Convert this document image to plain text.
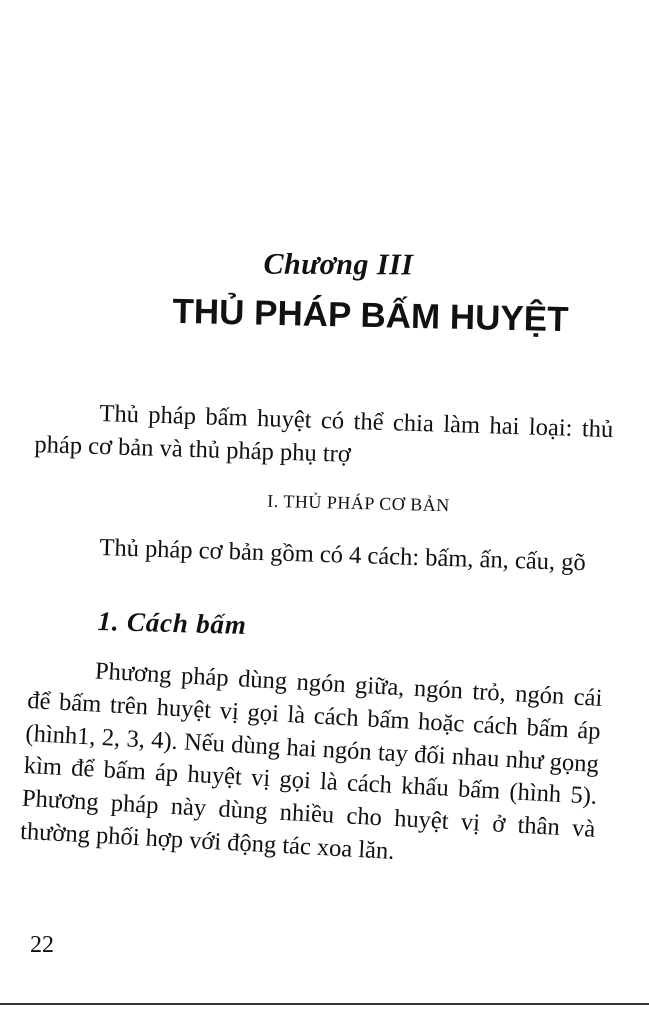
Chương III
THỦ PHÁP BẤM HUYỆT
Thủ pháp bấm huyệt có thể chia làm hai loại: thủ pháp cơ bản và thủ pháp phụ trợ
I. THỦ PHÁP CƠ BẢN
Thủ pháp cơ bản gồm có 4 cách: bấm, ấn, cấu, gõ
1. Cách bấm
Phương pháp dùng ngón giữa, ngón trỏ, ngón cái để bấm trên huyệt vị gọi là cách bấm hoặc cách bấm áp (hình1, 2, 3, 4). Nếu dùng hai ngón tay đối nhau như gọng kìm để bấm áp huyệt vị gọi là cách khấu bấm (hình 5). Phương pháp này dùng nhiều cho huyệt vị ở thân và thường phối hợp với động tác xoa lăn.
22
